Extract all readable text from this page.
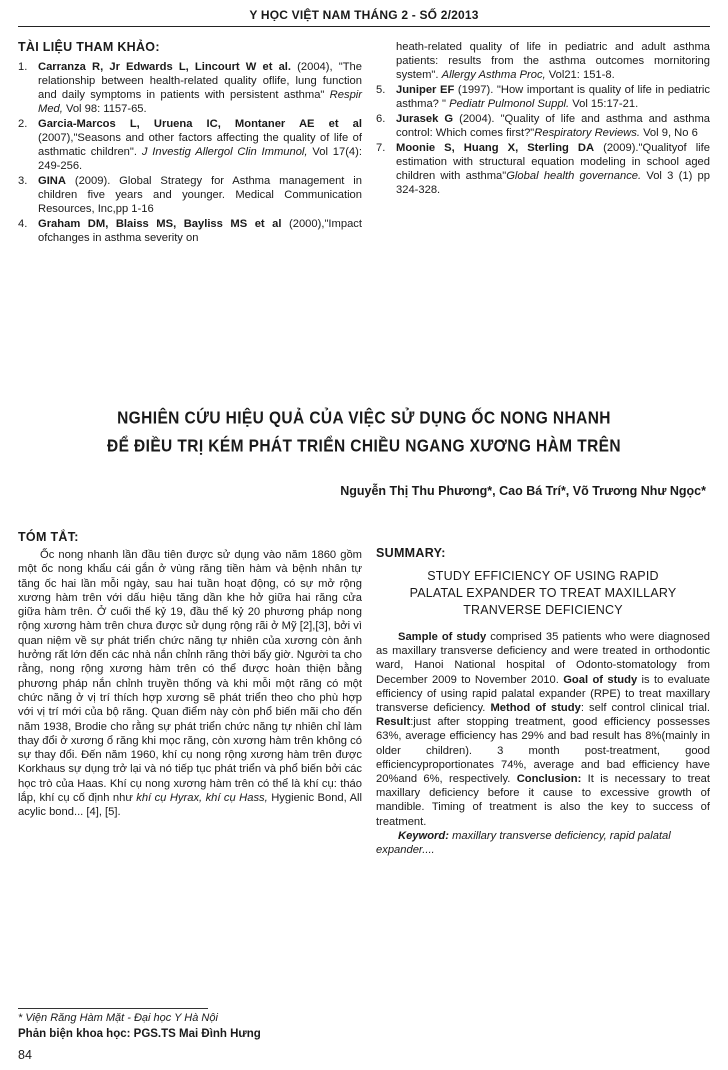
Y HỌC VIỆT NAM THÁNG 2 - SỐ 2/2013
TÀI LIỆU THAM KHẢO:
1. Carranza R, Jr Edwards L, Lincourt W et al. (2004), "The relationship between health-related quality oflife, lung function and daily symptoms in patients with persistent asthma" Respir Med, Vol 98: 1157-65.
2. Garcia-Marcos L, Uruena IC, Montaner AE et al (2007),"Seasons and other factors affecting the quality of life of asthmatic children". J Investig Allergol Clin Immunol, Vol 17(4): 249-256.
3. GINA (2009). Global Strategy for Asthma management in children five years and younger. Medical Communication Resources, Inc,pp 1-16
4. Graham DM, Blaiss MS, Bayliss MS et al (2000),"Impact ofchanges in asthma severity on
heath-related quality of life in pediatric and adult asthma patients: results from the asthma outcomes mornitoring system". Allergy Asthma Proc, Vol21: 151-8.
5. Juniper EF (1997). "How important is quality of life in pediatric asthma? " Pediatr Pulmonol Suppl. Vol 15:17-21.
6. Jurasek G (2004). "Quality of life and asthma and asthma control: Which comes first?"Respiratory Reviews. Vol 9, No 6
7. Moonie S, Huang X, Sterling DA (2009)."Qualityof life estimation with structural equation modeling in school aged children with asthma"Global health governance. Vol 3 (1) pp 324-328.
NGHIÊN CỨU HIỆU QUẢ CỦA VIỆC SỬ DỤNG ỐC NONG NHANH
ĐỂ ĐIỀU TRỊ KÉM PHÁT TRIỂN CHIỀU NGANG XƯƠNG HÀM TRÊN
Nguyễn Thị Thu Phương*, Cao Bá Trí*, Võ Trương Như Ngọc*
TÓM TẮT:

Ốc nong nhanh lần đầu tiên được sử dụng vào năm 1860 gồm một ốc nong khẩu cái gắn ở vùng răng tiền hàm và bệnh nhân tự tăng ốc hai lần mỗi ngày, sau hai tuần hoạt động, có sự mở rộng xương hàm trên với dấu hiệu tăng dần khe hở giữa hai răng cửa giữa hàm trên. Ở cuối thế kỷ 19, đầu thế kỷ 20 phương pháp nong rộng xương hàm trên chưa được sử dụng rộng rãi ở Mỹ [2],[3], bởi vì quan niệm về sự phát triển chức năng tự nhiên của xương còn ảnh hưởng rất lớn đến các nhà nắn chỉnh răng thời bấy giờ. Người ta cho rằng, nong rộng xương hàm trên có thể được hoàn thiện bằng phương pháp nắn chỉnh truyền thống và khi mỗi một răng có một chức năng ở vị trí thích hợp xương sẽ phát triển theo cho phù hợp với vị trí mới của bộ răng. Quan điểm này còn phổ biến mãi cho đến năm 1938, Brodie cho rằng sự phát triển chức năng tự nhiên chỉ làm thay đổi ở xương ổ răng khi mọc răng, còn xương hàm trên không có sự thay đổi. Đến năm 1960, khí cụ nong rộng xương hàm trên được Korkhaus sự dụng trở lại và nó tiếp tục phát triển và phổ biến bởi các học trò của Haas. Khí cụ nong xương hàm trên có thể là khí cụ: tháo lắp, khí cụ cố định như khí cụ Hyrax, khí cụ Hass, Hygienic Bond, All acylic bond... [4], [5].

SUMMARY:
STUDY EFFICIENCY OF USING RAPID
PALATAL EXPANDER TO TREAT MAXILLARY
TRANVERSE DEFICIENCY

Sample of study comprised 35 patients who were diagnosed as maxillary transverse deficiency and were treated in orthodontic ward, Hanoi National hospital of Odonto-stomatology from December 2009 to November 2010. Goal of study is to evaluate efficiency of using rapid palatal expander (RPE) to treat maxillary transverse deficiency. Method of study: self control clinical trial. Result:just after stopping treatment, good efficiency possesses 63%, average efficiency has 29% and bad result has 8%(mainly in older children). 3 month post-treatment, good efficiencyproportionates 74%, average and bad efficiency have 20%and 6%, respectively. Conclusion: It is necessary to treat maxillary deficiency before it cause to excessive growth of mandible. Timing of treatment is also the key to success of treatment.

Keyword: maxillary transverse deficiency, rapid palatal expander....

* Viện Răng Hàm Mặt - Đại học Y Hà Nội
Phản biện khoa học: PGS.TS Mai Đình Hưng
84
